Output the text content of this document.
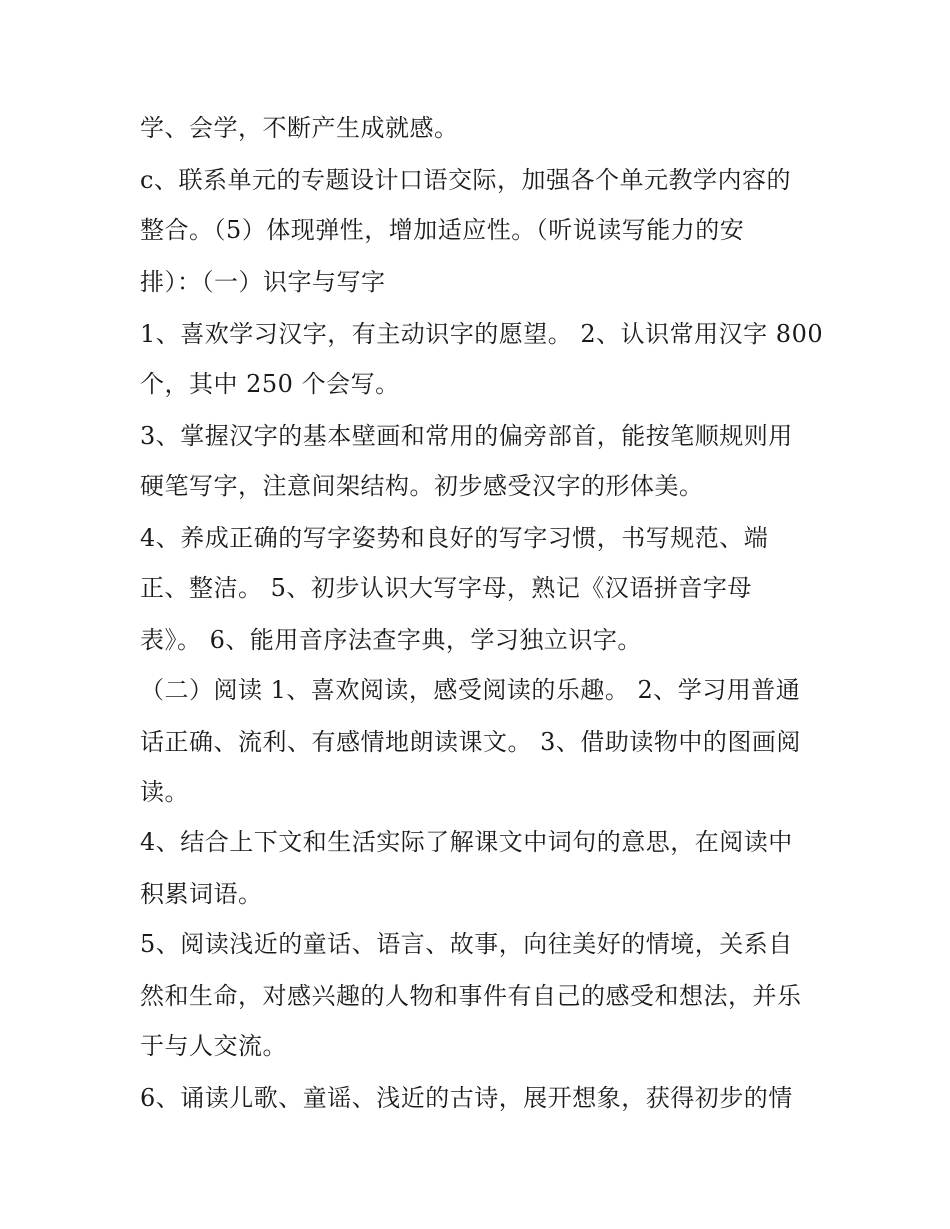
学、会学，不断产生成就感。
c、联系单元的专题设计口语交际，加强各个单元教学内容的
整合。（5）体现弹性，增加适应性。（听说读写能力的安
排）：（一）识字与写字
1、喜欢学习汉字，有主动识字的愿望。 2、认识常用汉字 800
个，其中 250 个会写。
3、掌握汉字的基本壁画和常用的偏旁部首，能按笔顺规则用
硬笔写字，注意间架结构。初步感受汉字的形体美。
4、养成正确的写字姿势和良好的写字习惯，书写规范、端
正、整洁。 5、初步认识大写字母，熟记《汉语拼音字母
表》。 6、能用音序法查字典，学习独立识字。
（二）阅读 1、喜欢阅读，感受阅读的乐趣。 2、学习用普通
话正确、流利、有感情地朗读课文。 3、借助读物中的图画阅
读。
4、结合上下文和生活实际了解课文中词句的意思，在阅读中
积累词语。
5、阅读浅近的童话、语言、故事，向往美好的情境，关系自
然和生命，对感兴趣的人物和事件有自己的感受和想法，并乐
于与人交流。
6、诵读儿歌、童谣、浅近的古诗，展开想象，获得初步的情
